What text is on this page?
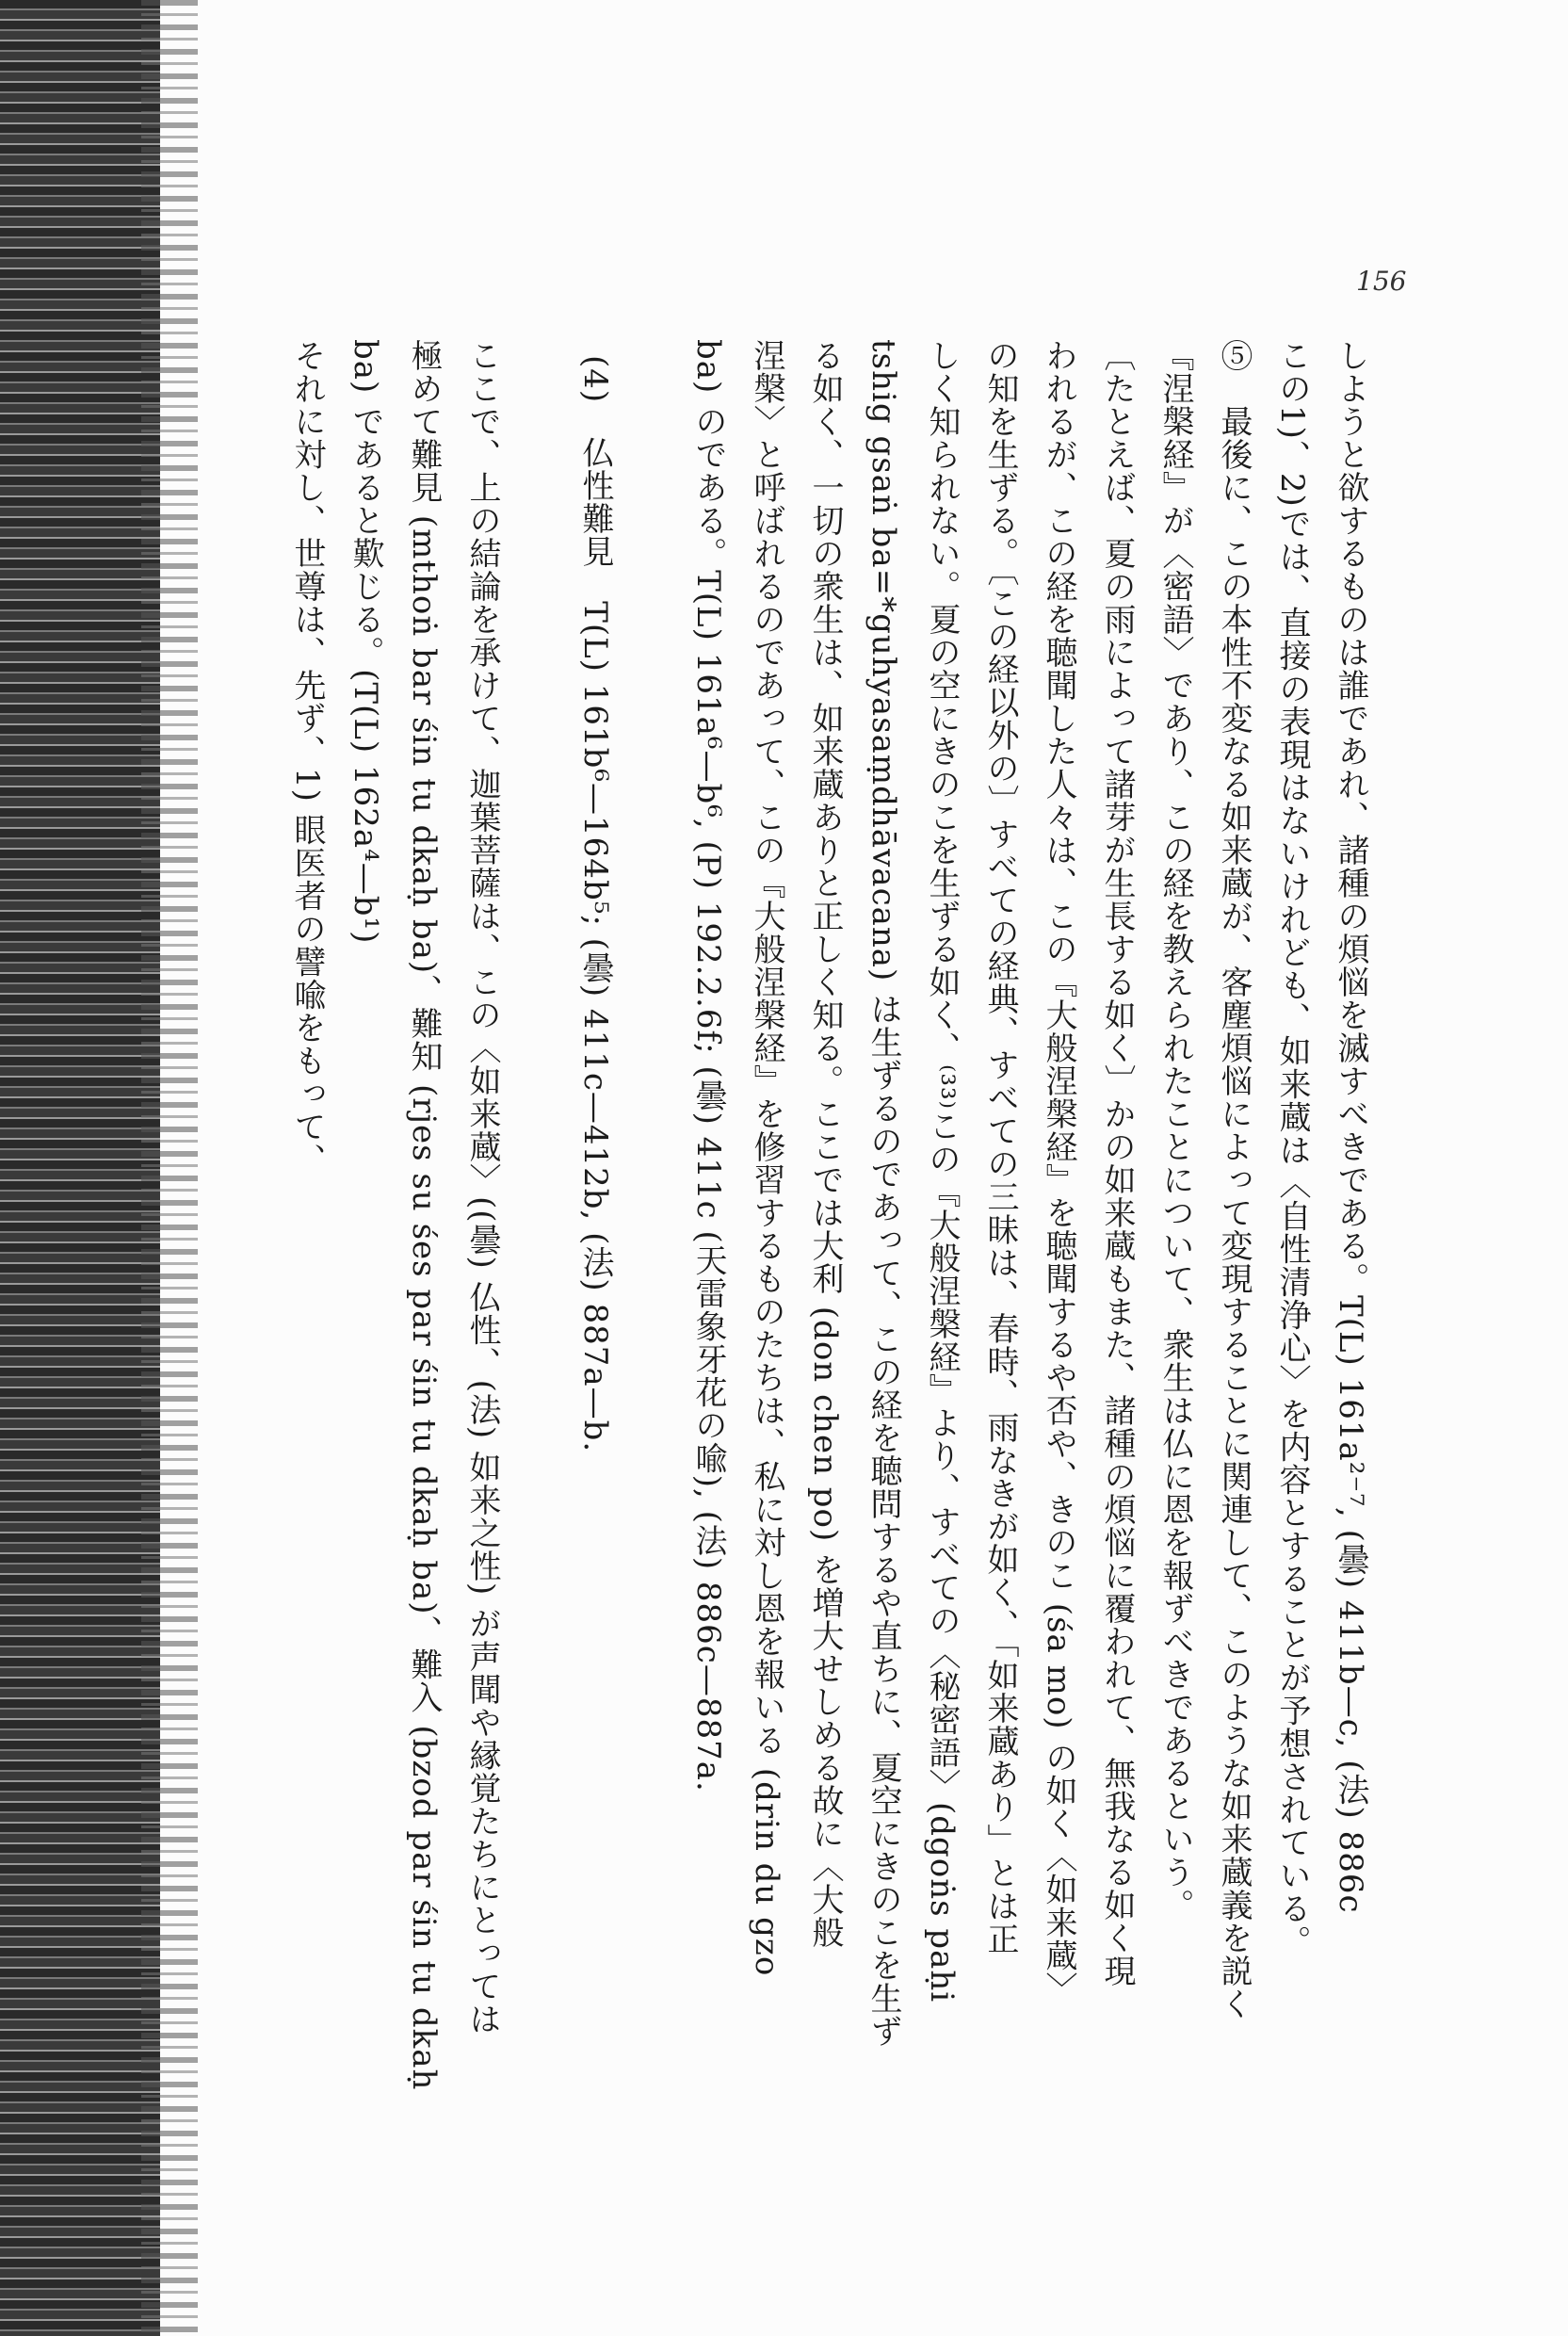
156
しようと欲するものは誰であれ、諸種の煩悩を滅すべきである。T(L) 161a²⁻⁷, (曇) 411b—c, (法) 886c
この1)、2)では、直接の表現はないけれども、如来蔵は〈自性清浄心〉を内容とすることが予想されている。
⑤　最後に、この本性不変なる如来蔵が、客塵煩悩によって変現することに関連して、このような如来蔵義を説く
『涅槃経』が〈密語〉であり、この経を教えられたことについて、衆生は仏に恩を報ずべきであるという。
〔たとえば、夏の雨によって諸芽が生長する如く〕かの如来蔵もまた、諸種の煩悩に覆われて、無我なる如く現
われるが、この経を聴聞した人々は、この『大般涅槃経』を聴聞するや否や、きのこ (śa mo) の如く〈如来蔵〉
の知を生ずる。〔この経以外の〕すべての経典、すべての三昧は、春時、雨なきが如く、「如来蔵あり」とは正
しく知られない。夏の空にきのこを生ずる如く、⁽³³⁾この『大般涅槃経』より、すべての〈秘密語〉(dgoṅs paḥi
tshig gsaṅ ba=*guhyasaṃdhāvacana) は生ずるのであって、この経を聴問するや直ちに、夏空にきのこを生ず
る如く、一切の衆生は、如来蔵ありと正しく知る。ここでは大利 (don chen po) を増大せしめる故に〈大般
涅槃〉と呼ばれるのであって、この『大般涅槃経』を修習するものたちは、私に対し恩を報いる (drin du gzo
ba) のである。T(L) 161a⁶—b⁶, (P) 192.2.6f; (曇) 411c (天雷象牙花の喩), (法) 886c—887a.
(4)　仏性難見　T(L) 161b⁶—164b⁵; (曇) 411c—412b, (法) 887a—b.
ここで、上の結論を承けて、迦葉菩薩は、この〈如来蔵〉((曇) 仏性、(法) 如来之性) が声聞や縁覚たちにとっては
極めて難見 (mthoṅ bar śin tu dkaḥ ba)、難知 (rjes su śes par śin tu dkaḥ ba)、難入 (bzod par śin tu dkaḥ
ba) であると歎じる。(T(L) 162a⁴—b¹)
それに対し、世尊は、先ず、1) 眼医者の譬喩をもって、
